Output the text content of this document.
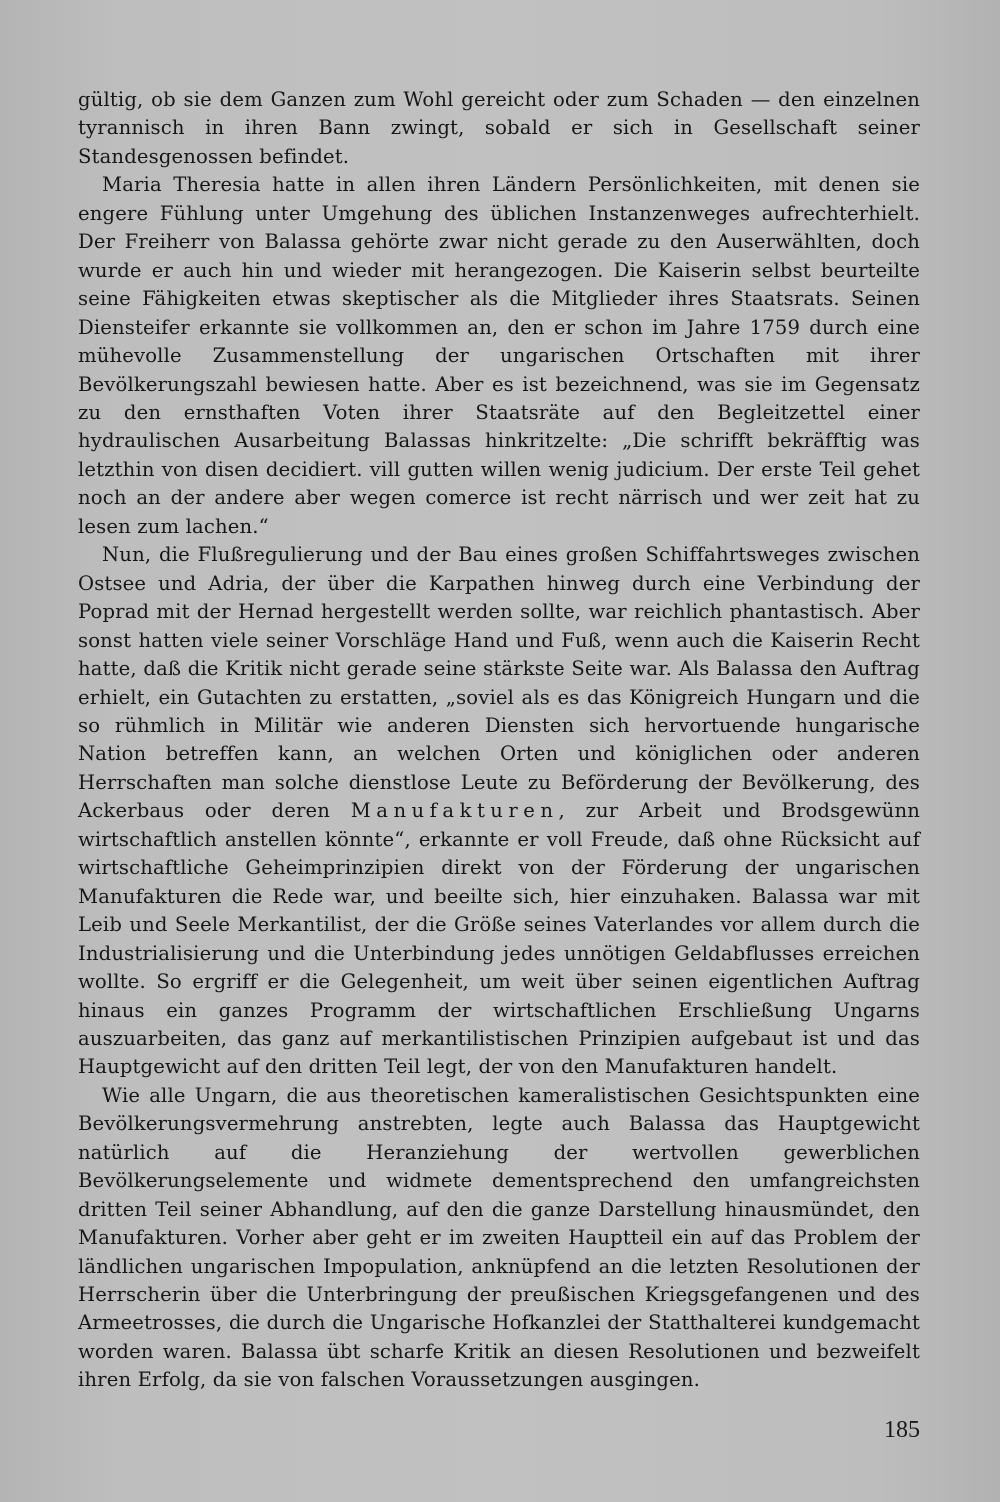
gültig, ob sie dem Ganzen zum Wohl gereicht oder zum Schaden — den einzelnen tyrannisch in ihren Bann zwingt, sobald er sich in Gesellschaft seiner Standesgenossen befindet.

Maria Theresia hatte in allen ihren Ländern Persönlichkeiten, mit denen sie engere Fühlung unter Umgehung des üblichen Instanzenweges aufrechterhielt. Der Freiherr von Balassa gehörte zwar nicht gerade zu den Auserwählten, doch wurde er auch hin und wieder mit herangezogen. Die Kaiserin selbst beurteilte seine Fähigkeiten etwas skeptischer als die Mitglieder ihres Staatsrats. Seinen Diensteifer erkannte sie vollkommen an, den er schon im Jahre 1759 durch eine mühevolle Zusammenstellung der ungarischen Ortschaften mit ihrer Bevölkerungszahl bewiesen hatte. Aber es ist bezeichnend, was sie im Gegensatz zu den ernsthaften Voten ihrer Staatsräte auf den Begleitzettel einer hydraulischen Ausarbeitung Balassas hinkritzelte: „Die schrifft bekräfftig was letzthin von disen decidiert. vill gutten willen wenig judicium. Der erste Teil gehet noch an der andere aber wegen comerce ist recht närrisch und wer zeit hat zu lesen zum lachen.“

Nun, die Flußregulierung und der Bau eines großen Schiffahrtsweges zwischen Ostsee und Adria, der über die Karpathen hinweg durch eine Verbindung der Poprad mit der Hernad hergestellt werden sollte, war reichlich phantastisch. Aber sonst hatten viele seiner Vorschläge Hand und Fuß, wenn auch die Kaiserin Recht hatte, daß die Kritik nicht gerade seine stärkste Seite war. Als Balassa den Auftrag erhielt, ein Gutachten zu erstatten, „soviel als es das Königreich Hungarn und die so rühmlich in Militär wie anderen Diensten sich hervortuende hungarische Nation betreffen kann, an welchen Orten und königlichen oder anderen Herrschaften man solche dienstlose Leute zu Beförderung der Bevölkerung, des Ackerbaus oder deren Manufakturen, zur Arbeit und Brodsgewünn wirtschaftlich anstellen könnte“, erkannte er voll Freude, daß ohne Rücksicht auf wirtschaftliche Geheimprinzipien direkt von der Förderung der ungarischen Manufakturen die Rede war, und beeilte sich, hier einzuhaken. Balassa war mit Leib und Seele Merkantilist, der die Größe seines Vaterlandes vor allem durch die Industrialisierung und die Unterbindung jedes unnötigen Geldabflusses erreichen wollte. So ergriff er die Gelegenheit, um weit über seinen eigentlichen Auftrag hinaus ein ganzes Programm der wirtschaftlichen Erschließung Ungarns auszuarbeiten, das ganz auf merkantilistischen Prinzipien aufgebaut ist und das Hauptgewicht auf den dritten Teil legt, der von den Manufakturen handelt.

Wie alle Ungarn, die aus theoretischen kameralistischen Gesichtspunkten eine Bevölkerungsvermehrung anstrebten, legte auch Balassa das Hauptgewicht natürlich auf die Heranziehung der wertvollen gewerblichen Bevölkerungselemente und widmete dementsprechend den umfangreichsten dritten Teil seiner Abhandlung, auf den die ganze Darstellung hinausmündet, den Manufakturen. Vorher aber geht er im zweiten Hauptteil ein auf das Problem der ländlichen ungarischen Impopulation, anknüpfend an die letzten Resolutionen der Herrscherin über die Unterbringung der preußischen Kriegsgefangenen und des Armeetrosses, die durch die Ungarische Hofkanzlei der Statthalterei kundgemacht worden waren. Balassa übt scharfe Kritik an diesen Resolutionen und bezweifelt ihren Erfolg, da sie von falschen Voraussetzungen ausgingen.

185
